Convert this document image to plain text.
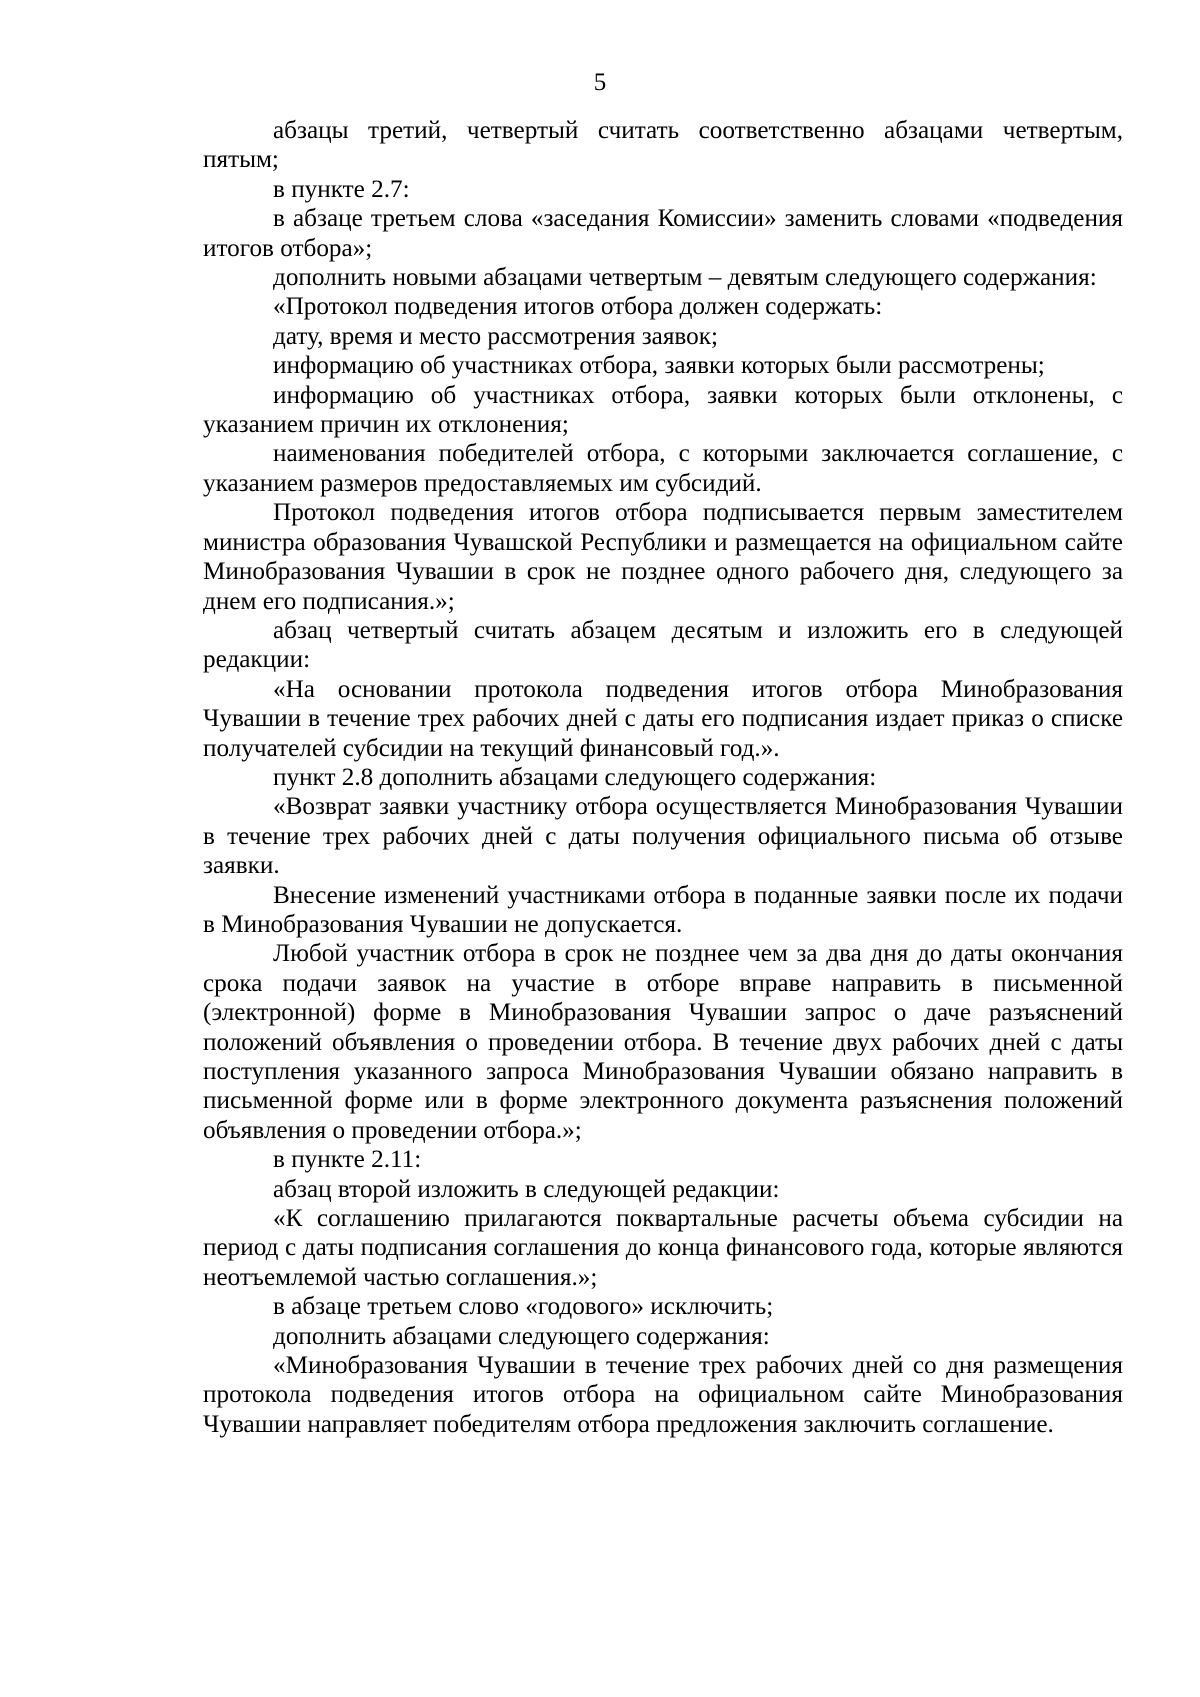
5

абзацы третий, четвертый считать соответственно абзацами четвертым, пятым;

в пункте 2.7:

в абзаце третьем слова «заседания Комиссии» заменить словами «подведения итогов отбора»;

дополнить новыми абзацами четвертым – девятым следующего содержания:

«Протокол подведения итогов отбора должен содержать:

дату, время и место рассмотрения заявок;

информацию об участниках отбора, заявки которых были рассмотрены;

информацию об участниках отбора, заявки которых были отклонены, с указанием причин их отклонения;

наименования победителей отбора, с которыми заключается соглашение, с указанием размеров предоставляемых им субсидий.

Протокол подведения итогов отбора подписывается первым заместителем министра образования Чувашской Республики и размещается на официальном сайте Минобразования Чувашии в срок не позднее одного рабочего дня, следующего за днем его подписания.»;

абзац четвертый считать абзацем десятым и изложить его в следующей редакции:

«На основании протокола подведения итогов отбора Минобразования Чувашии в течение трех рабочих дней с даты его подписания издает приказ о списке получателей субсидии на текущий финансовый год.».

пункт 2.8 дополнить абзацами следующего содержания:

«Возврат заявки участнику отбора осуществляется Минобразования Чувашии в течение трех рабочих дней с даты получения официального письма об отзыве заявки.

Внесение изменений участниками отбора в поданные заявки после их подачи в Минобразования Чувашии не допускается.

Любой участник отбора в срок не позднее чем за два дня до даты окончания срока подачи заявок на участие в отборе вправе направить в письменной (электронной) форме в Минобразования Чувашии запрос о даче разъяснений положений объявления о проведении отбора. В течение двух рабочих дней с даты поступления указанного запроса Минобразования Чувашии обязано направить в письменной форме или в форме электронного документа разъяснения положений объявления о проведении отбора.»;

в пункте 2.11:

абзац второй изложить в следующей редакции:

«К соглашению прилагаются поквартальные расчеты объема субсидии на период с даты подписания соглашения до конца финансового года, которые являются неотъемлемой частью соглашения.»;

в абзаце третьем слово «годового» исключить;

дополнить абзацами следующего содержания:

«Минобразования Чувашии в течение трех рабочих дней со дня размещения протокола подведения итогов отбора на официальном сайте Минобразования Чувашии направляет победителям отбора предложения заключить соглашение.
